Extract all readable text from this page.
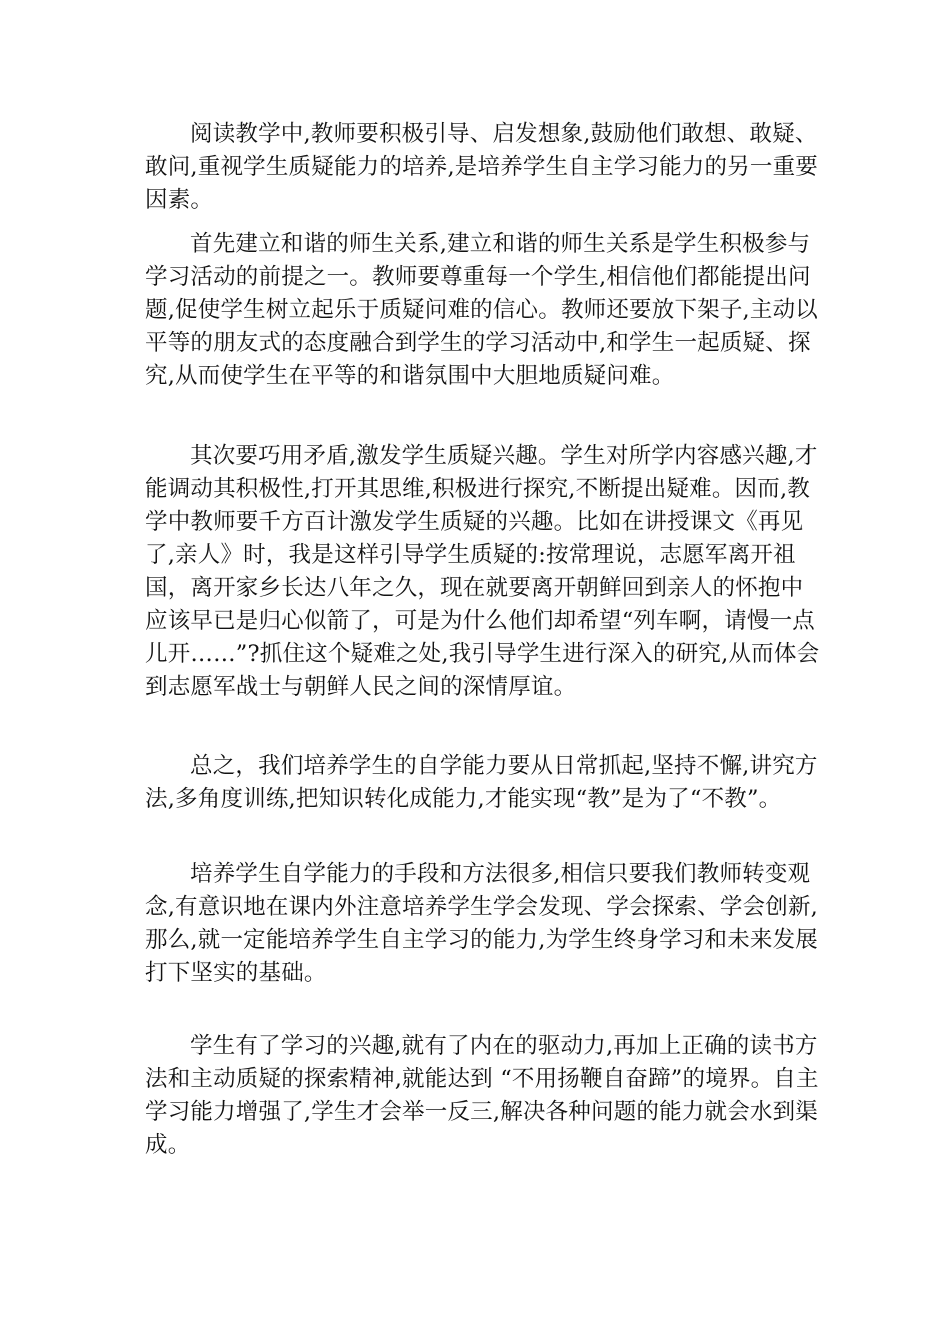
阅读教学中,教师要积极引导、启发想象,鼓励他们敢想、敢疑、敢问,重视学生质疑能力的培养,是培养学生自主学习能力的另一重要因素。

首先建立和谐的师生关系,建立和谐的师生关系是学生积极参与学习活动的前提之一。教师要尊重每一个学生,相信他们都能提出问题,促使学生树立起乐于质疑问难的信心。教师还要放下架子,主动以平等的朋友式的态度融合到学生的学习活动中,和学生一起质疑、探究,从而使学生在平等的和谐氛围中大胆地质疑问难。

其次要巧用矛盾,激发学生质疑兴趣。学生对所学内容感兴趣,才能调动其积极性,打开其思维,积极进行探究,不断提出疑难。因而,教学中教师要千方百计激发学生质疑的兴趣。比如在讲授课文《再见了,亲人》时，我是这样引导学生质疑的:按常理说，志愿军离开祖国，离开家乡长达八年之久，现在就要离开朝鲜回到亲人的怀抱中应该早已是归心似箭了，可是为什么他们却希望“列车啊，请慢一点儿开……”?抓住这个疑难之处,我引导学生进行深入的研究,从而体会到志愿军战士与朝鲜人民之间的深情厚谊。

总之，我们培养学生的自学能力要从日常抓起,坚持不懈,讲究方法,多角度训练,把知识转化成能力,才能实现“教”是为了“不教”。

培养学生自学能力的手段和方法很多,相信只要我们教师转变观念,有意识地在课内外注意培养学生学会发现、学会探索、学会创新,那么,就一定能培养学生自主学习的能力,为学生终身学习和未来发展打下坚实的基础。

学生有了学习的兴趣,就有了内在的驱动力,再加上正确的读书方法和主动质疑的探索精神,就能达到 “不用扬鞭自奋蹄”的境界。自主学习能力增强了,学生才会举一反三,解决各种问题的能力就会水到渠成。
